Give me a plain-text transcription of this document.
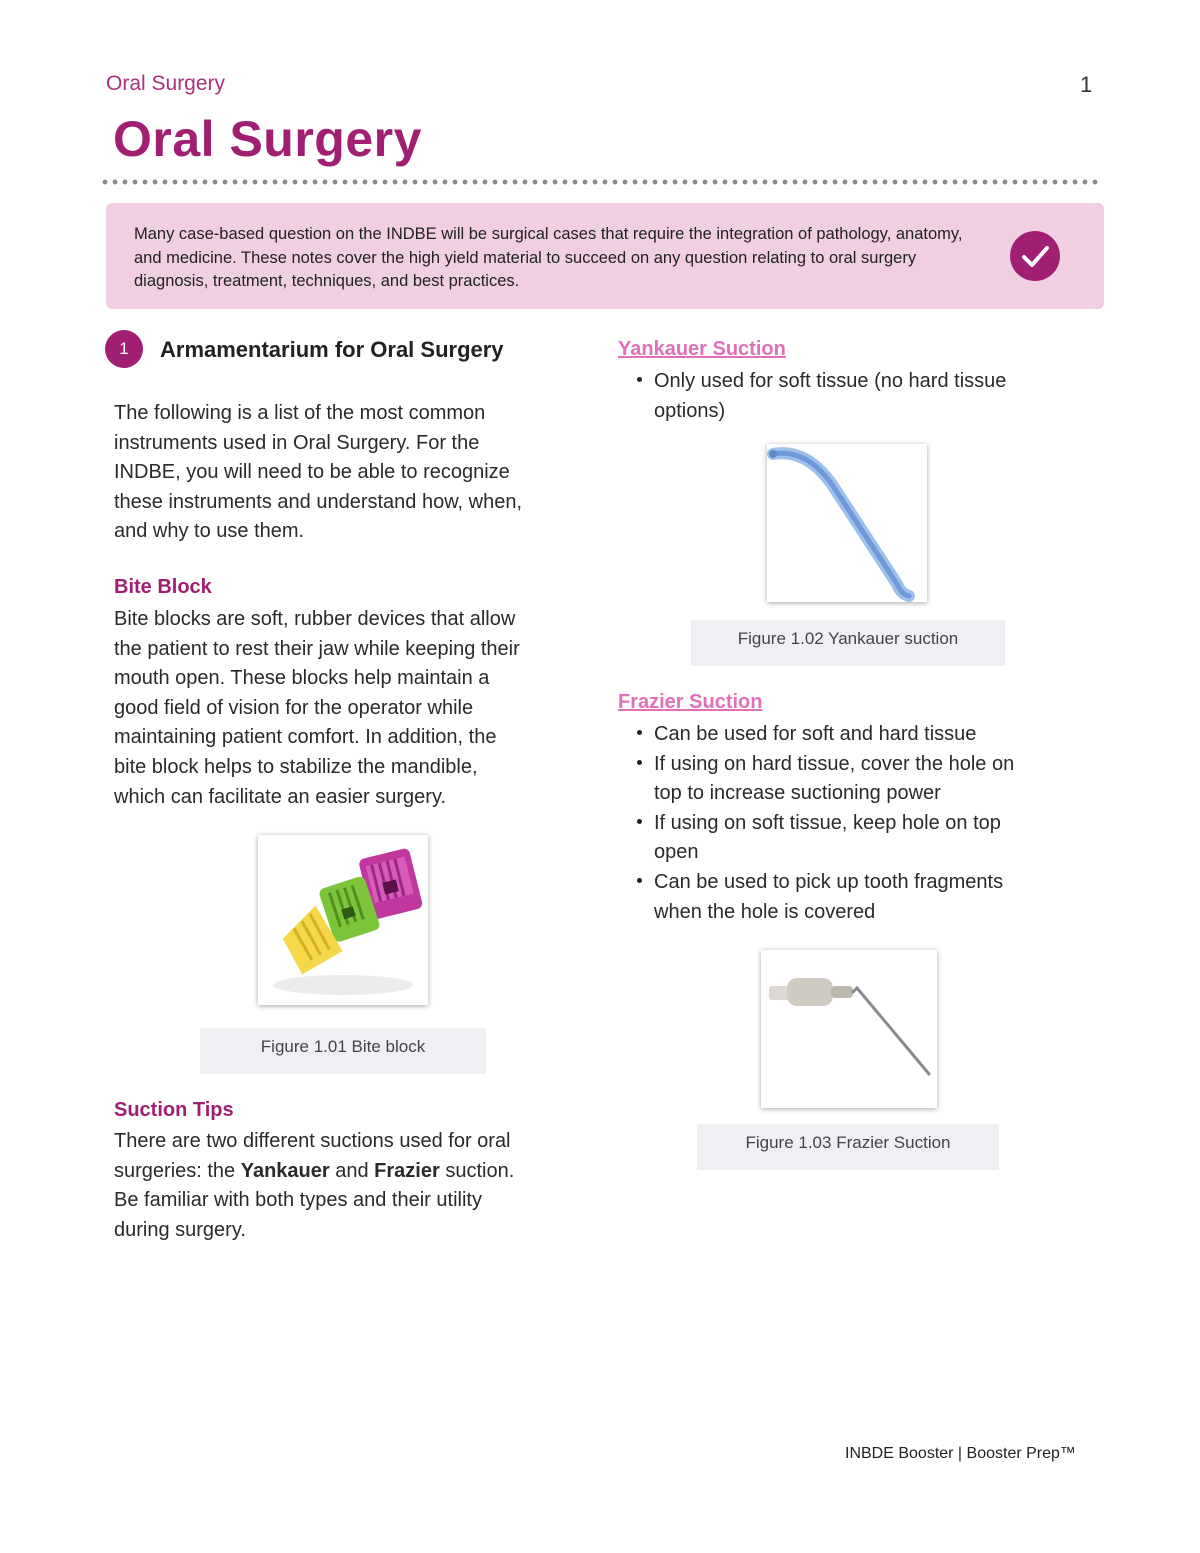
Oral Surgery	1
Oral Surgery
Many case-based question on the INDBE will be surgical cases that require the integration of pathology, anatomy, and medicine. These notes cover the high yield material to succeed on any question relating to oral surgery diagnosis, treatment, techniques, and best practices.
1	Armamentarium for Oral Surgery
The following is a list of the most common
instruments used in Oral Surgery. For the
INDBE, you will need to be able to recognize
these instruments and understand how, when,
and why to use them.
Bite Block
Bite blocks are soft, rubber devices that allow
the patient to rest their jaw while keeping their
mouth open. These blocks help maintain a
good field of vision for the operator while
maintaining patient comfort. In addition, the
bite block helps to stabilize the mandible,
which can facilitate an easier surgery.
Figure 1.01 Bite block
Suction Tips
There are two different suctions used for oral
surgeries: the Yankauer and Frazier suction.
Be familiar with both types and their utility
during surgery.
Yankauer Suction
Only used for soft tissue (no hard tissue
options)
Figure 1.02 Yankauer suction
Frazier Suction
Can be used for soft and hard tissue
If using on hard tissue, cover the hole on
top to increase suctioning power
If using on soft tissue, keep hole on top
open
Can be used to pick up tooth fragments
when the hole is covered
Figure 1.03 Frazier Suction
INBDE Booster | Booster Prep™
